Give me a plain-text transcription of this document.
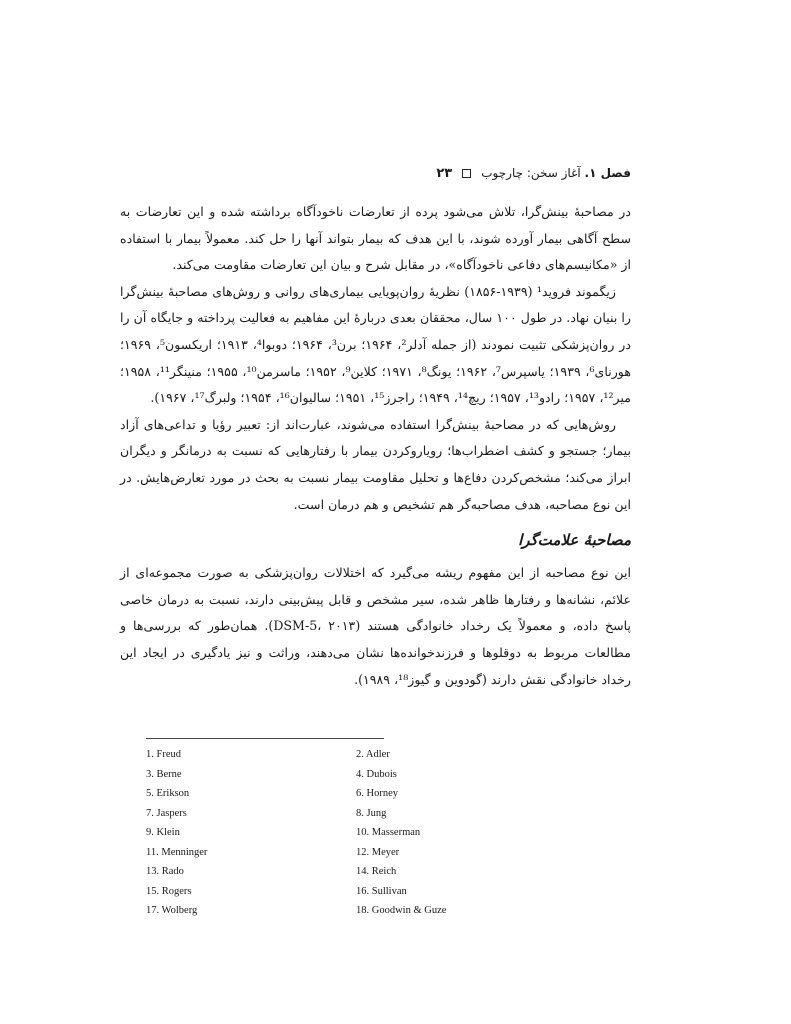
فصل ۱.

آغاز سخن: چارچوب
۲۳

در مصاحبهٔ بینش‌گرا، تلاش می‌شود پرده از تعارضات ناخودآگاه برداشته شده و این تعارضات به سطح آگاهی بیمار آورده شوند، با این هدف که بیمار بتواند آنها را حل کند. معمولاً بیمار با استفاده از «مکانیسم‌های دفاعی ناخودآگاه»، در مقابل شرح و بیان این تعارضات مقاومت می‌کند.

زیگموند فروید¹ (۱۹۳۹-۱۸۵۶) نظریهٔ روان‌پویایی بیماری‌های روانی و روش‌های مصاحبهٔ بینش‌گرا را بنیان نهاد. در طول ۱۰۰ سال، محققان بعدی دربارهٔ این مفاهیم به فعالیت پرداخته و جایگاه آن را در روان‌پزشکی تثبیت نمودند (از جمله آدلر²، ۱۹۶۴؛ برن³، ۱۹۶۴؛ دوبوا⁴، ۱۹۱۳؛ اریکسون⁵، ۱۹۶۹؛ هورنای⁶، ۱۹۳۹؛ یاسپرس⁷، ۱۹۶۲؛ یونگ⁸، ۱۹۷۱؛ کلاین⁹، ۱۹۵۲؛ ماسرمن¹⁰، ۱۹۵۵؛ منینگر¹¹، ۱۹۵۸؛ میر¹²، ۱۹۵۷؛ رادو¹³، ۱۹۵۷؛ ریچ¹⁴، ۱۹۴۹؛ راجرز¹⁵، ۱۹۵۱؛ سالیوان¹⁶، ۱۹۵۴؛ ولبرگ¹⁷، ۱۹۶۷).

روش‌هایی که در مصاحبهٔ بینش‌گرا استفاده می‌شوند، عبارت‌اند از: تعبیر رؤیا و تداعی‌های آزاد بیمار؛ جستجو و کشف اضطراب‌ها؛ رویاروکردن بیمار با رفتارهایی که نسبت به درمانگر و دیگران ابراز می‌کند؛ مشخص‌کردن دفاع‌ها و تحلیل مقاومت بیمار نسبت به بحث در مورد تعارض‌هایش. در این نوع مصاحبه، هدف مصاحبه‌گر هم تشخیص و هم درمان است.

مصاحبهٔ علامت‌گرا

این نوع مصاحبه از این مفهوم ریشه می‌گیرد که اختلالات روان‌پزشکی به صورت مجموعه‌ای از علائم، نشانه‌ها و رفتارها ظاهر شده، سیر مشخص و قابل پیش‌بینی دارند، نسبت به درمان خاصی پاسخ داده، و معمولاً یک رخداد خانوادگی هستند (DSM-5، ۲۰۱۳). همان‌طور که بررسی‌ها و مطالعات مربوط به دوقلوها و فرزندخوانده‌ها نشان می‌دهند، وراثت و نیز یادگیری در ایجاد این رخداد خانوادگی نقش دارند (گودوین و گیوز¹⁸، ۱۹۸۹).

1. Freud	2. Adler
3. Berne	4. Dubois
5. Erikson	6. Horney
7. Jaspers	8. Jung
9. Klein	10. Masserman
11. Menninger	12. Meyer
13. Rado	14. Reich
15. Rogers	16. Sullivan
17. Wolberg	18. Goodwin & Guze
